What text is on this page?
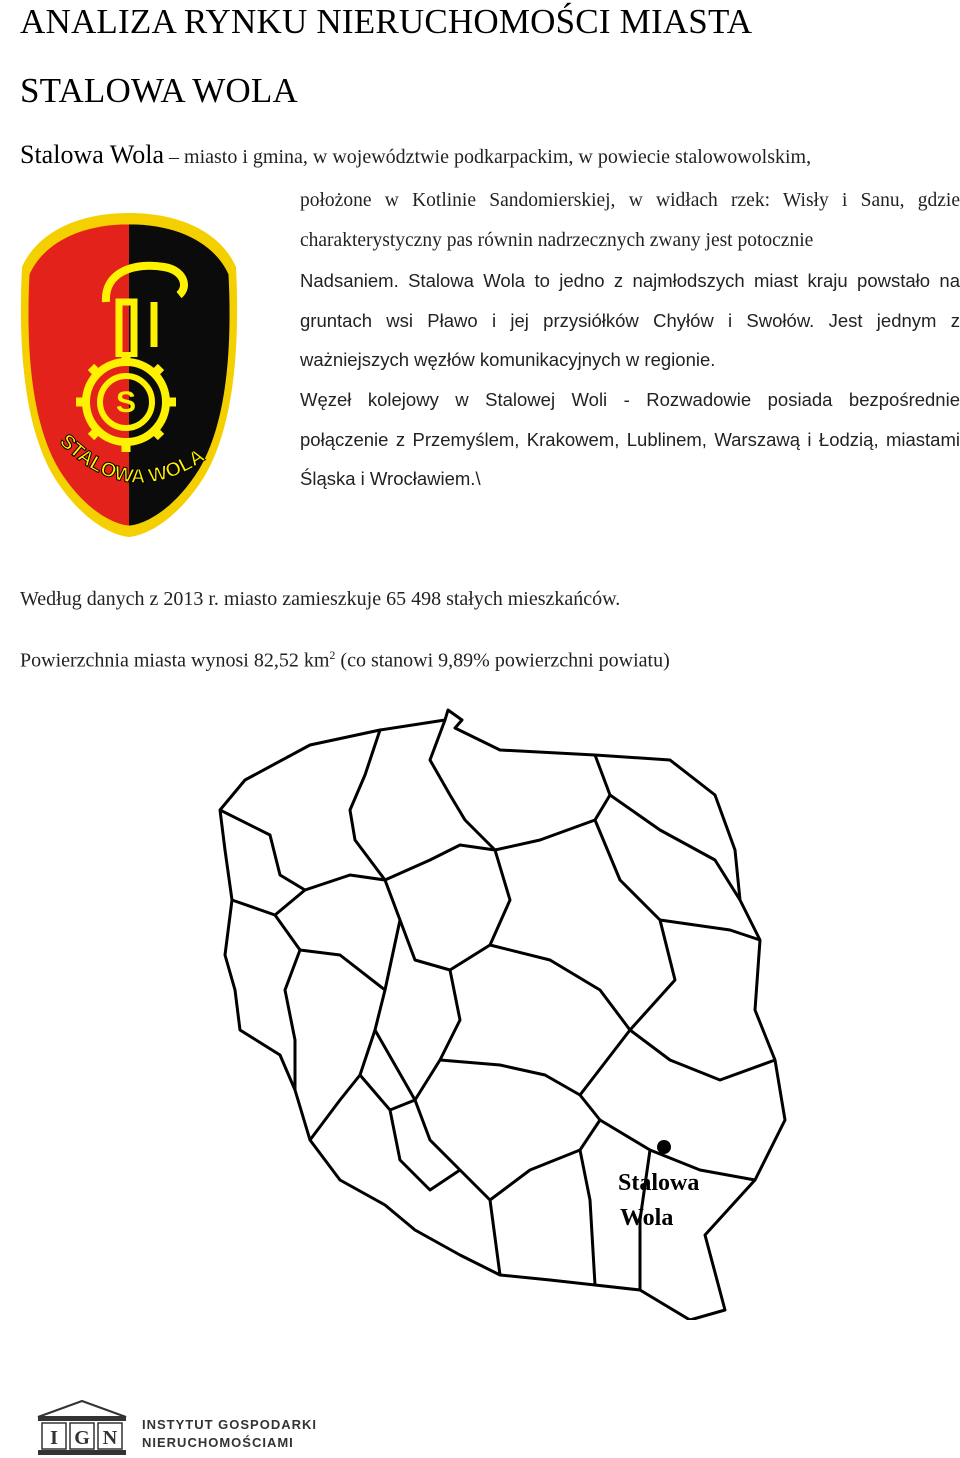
ANALIZA RYNKU NIERUCHOMOŚCI MIASTA
STALOWA WOLA
Stalowa Wola – miasto i gmina, w województwie podkarpackim, w powiecie stalowowolskim,
S
STALOWA WOLA

położone w Kotlinie Sandomierskiej, w widłach rzek: Wisły i Sanu, gdzie charakterystyczny pas równin nadrzecznych zwany jest potocznie

Nadsaniem. Stalowa Wola to jedno z najmłodszych miast kraju powstało na gruntach wsi Pławo i jej przysiółków Chyłów i Swołów. Jest jednym z ważniejszych węzłów komunikacyjnych w regionie.

Węzeł kolejowy w Stalowej Woli - Rozwadowie posiada bezpośrednie połączenie z Przemyślem, Krakowem, Lublinem, Warszawą i Łodzią, miastami Śląska i Wrocławiem.\

Według danych z 2013 r. miasto zamieszkuje 65 498 stałych mieszkańców.
Powierzchnia miasta wynosi 82,52 $km^2$ (co stanowi 9,89% powierzchni powiatu)
Stalowa
Wola
I G N
INSTYTUT GOSPODARKI
NIERUCHOMOŚCIAMI
